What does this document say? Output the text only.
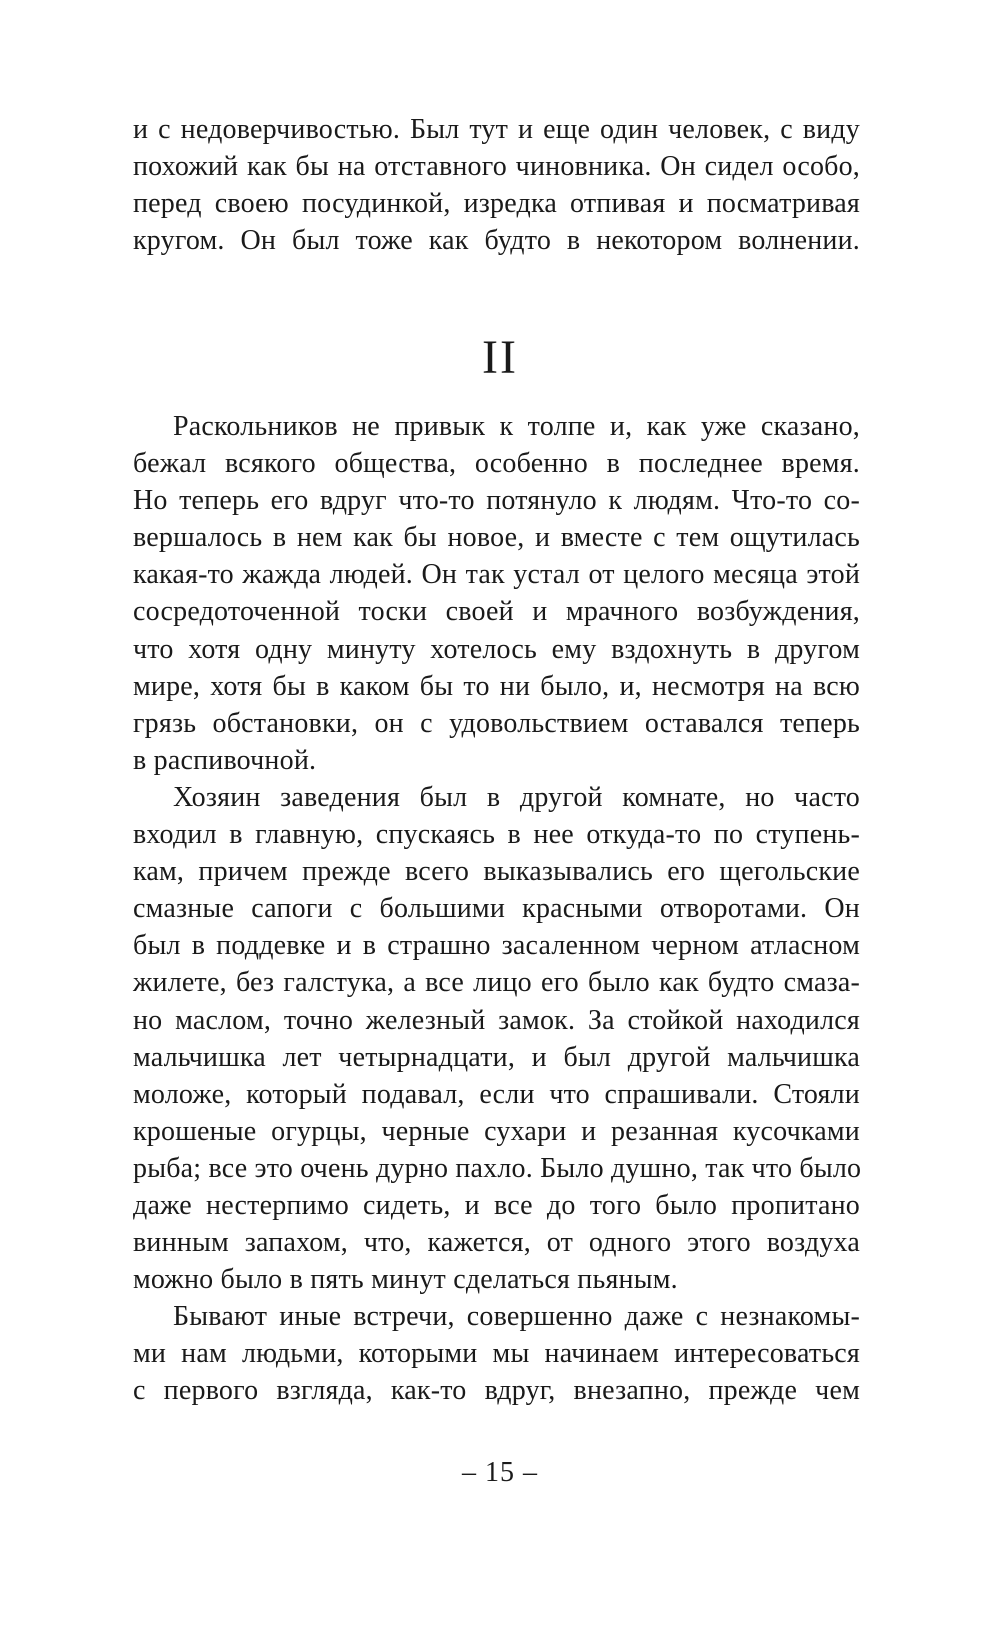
и с недоверчивостью. Был тут и еще один человек, с виду
похожий как бы на отставного чиновника. Он сидел особо,
перед своею посудинкой, изредка отпивая и посматривая
кругом. Он был тоже как будто в некотором волнении.
II
Раскольников не привык к толпе и, как уже сказано,
бежал всякого общества, особенно в последнее время.
Но теперь его вдруг что-то потянуло к людям. Что-то со-
вершалось в нем как бы новое, и вместе с тем ощутилась
какая-то жажда людей. Он так устал от целого месяца этой
сосредоточенной тоски своей и мрачного возбуждения,
что хотя одну минуту хотелось ему вздохнуть в другом
мире, хотя бы в каком бы то ни было, и, несмотря на всю
грязь обстановки, он с удовольствием оставался теперь
в распивочной.
Хозяин заведения был в другой комнате, но часто
входил в главную, спускаясь в нее откуда-то по ступень-
кам, причем прежде всего выказывались его щегольские
смазные сапоги с большими красными отворотами. Он
был в поддевке и в страшно засаленном черном атласном
жилете, без галстука, а все лицо его было как будто смаза-
но маслом, точно железный замок. За стойкой находился
мальчишка лет четырнадцати, и был другой мальчишка
моложе, который подавал, если что спрашивали. Стояли
крошеные огурцы, черные сухари и резанная кусочками
рыба; все это очень дурно пахло. Было душно, так что было
даже нестерпимо сидеть, и все до того было пропитано
винным запахом, что, кажется, от одного этого воздуха
можно было в пять минут сделаться пьяным.
Бывают иные встречи, совершенно даже с незнакомы-
ми нам людьми, которыми мы начинаем интересоваться
с первого взгляда, как-то вдруг, внезапно, прежде чем
– 15 –
